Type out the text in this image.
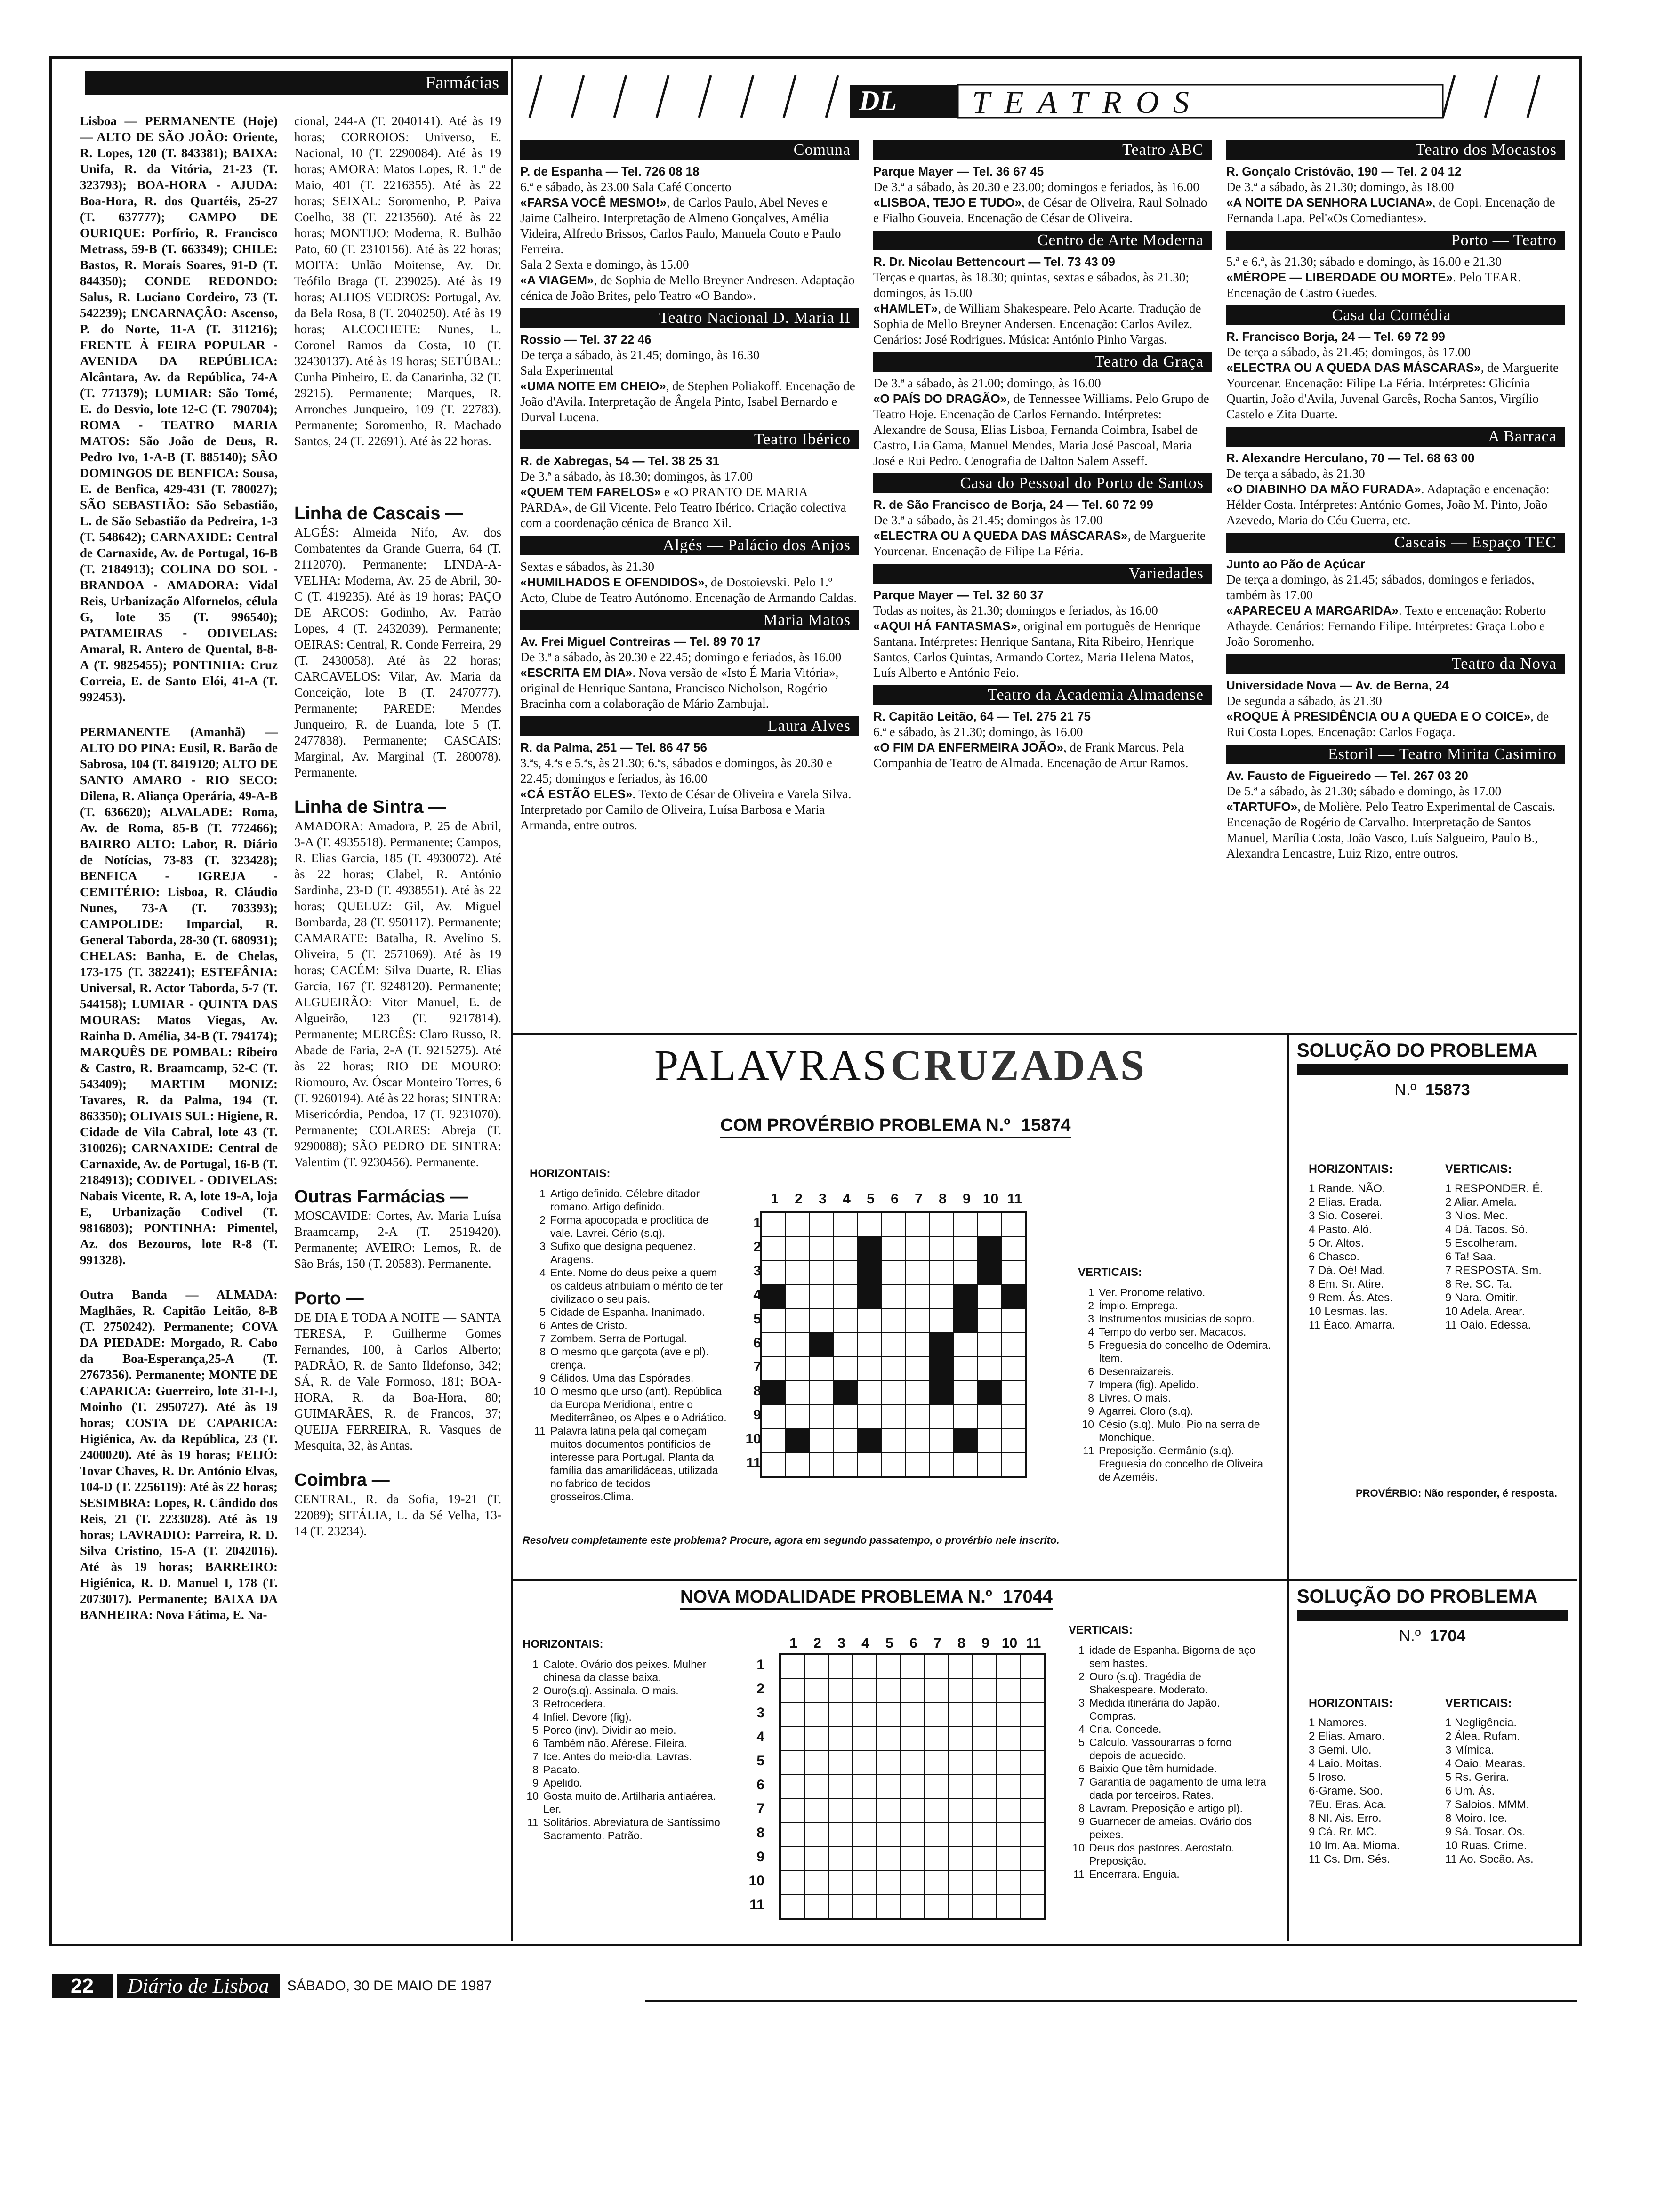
Farmácias

Lisboa — PERMANENTE (Hoje) — ALTO DE SÃO JOÃO: Oriente, R. Lopes, 120 (T. 843381); BAIXA: Unifa, R. da Vitória, 21-23 (T. 323793); BOA-HORA - AJUDA: Boa-Hora, R. dos Quartéis, 25-27 (T. 637777); CAMPO DE OURIQUE: Porfírio, R. Francisco Metrass, 59-B (T. 663349); CHILE: Bastos, R. Morais Soares, 91-D (T. 844350); CONDE REDONDO: Salus, R. Luciano Cordeiro, 73 (T. 542239); ENCARNAÇÃO: Ascenso, P. do Norte, 11-A (T. 311216); FRENTE À FEIRA POPULAR - AVENIDA DA REPÚBLICA: Alcântara, Av. da República, 74-A (T. 771379); LUMIAR: São Tomé, E. do Desvio, lote 12-C (T. 790704); ROMA - TEATRO MARIA MATOS: São João de Deus, R. Pedro Ivo, 1-A-B (T. 885140); SÃO DOMINGOS DE BENFICA: Sousa, E. de Benfica, 429-431 (T. 780027); SÃO SEBASTIÃO: São Sebastião, L. de São Sebastião da Pedreira, 1-3 (T. 548642); CARNAXIDE: Central de Carnaxide, Av. de Portugal, 16-B (T. 2184913); COLINA DO SOL - BRANDOA - AMADORA: Vidal Reis, Urbanização Alfornelos, célula G, lote 35 (T. 996540); PATAMEIRAS - ODIVELAS: Amaral, R. Antero de Quental, 8-8-A (T. 9825455); PONTINHA: Cruz Correia, E. de Santo Elói, 41-A (T. 992453).

PERMANENTE (Amanhã) — ALTO DO PINA: Eusil, R. Barão de Sabrosa, 104 (T. 8419120; ALTO DE SANTO AMARO - RIO SECO: Dilena, R. Aliança Operária, 49-A-B (T. 636620); ALVALADE: Roma, Av. de Roma, 85-B (T. 772466); BAIRRO ALTO: Labor, R. Diário de Notícias, 73-83 (T. 323428); BENFICA - IGREJA - CEMITÉRIO: Lisboa, R. Cláudio Nunes, 73-A (T. 703393); CAMPOLIDE: Imparcial, R. General Taborda, 28-30 (T. 680931); CHELAS: Banha, E. de Chelas, 173-175 (T. 382241); ESTEFÂNIA: Universal, R. Actor Taborda, 5-7 (T. 544158); LUMIAR - QUINTA DAS MOURAS: Matos Viegas, Av. Rainha D. Amélia, 34-B (T. 794174); MARQUÊS DE POMBAL: Ribeiro & Castro, R. Braamcamp, 52-C (T. 543409); MARTIM MONIZ: Tavares, R. da Palma, 194 (T. 863350); OLIVAIS SUL: Higiene, R. Cidade de Vila Cabral, lote 43 (T. 310026); CARNAXIDE: Central de Carnaxide, Av. de Portugal, 16-B (T. 2184913); CODIVEL - ODIVELAS: Nabais Vicente, R. A, lote 19-A, loja E, Urbanização Codivel (T. 9816803); PONTINHA: Pimentel, Az. dos Bezouros, lote R-8 (T. 991328).

Outra Banda — ALMADA: Maglhães, R. Capitão Leitão, 8-B (T. 2750242). Permanente; COVA DA PIEDADE: Morgado, R. Cabo da Boa-Esperança,25-A (T. 2767356). Permanente; MONTE DE CAPARICA: Guerreiro, lote 31-I-J, Moinho (T. 2950727). Até às 19 horas; COSTA DE CAPARICA: Higiénica, Av. da República, 23 (T. 2400020). Até às 19 horas; FEIJÓ: Tovar Chaves, R. Dr. António Elvas, 104-D (T. 2256119): Até às 22 horas; SESIMBRA: Lopes, R. Cândido dos Reis, 21 (T. 2233028). Até às 19 horas; LAVRADIO: Parreira, R. D. Silva Cristino, 15-A (T. 2042016). Até às 19 horas; BARREIRO: Higiénica, R. D. Manuel I, 178 (T. 2073017). Permanente; BAIXA DA BANHEIRA: Nova Fátima, E. Na-

cional, 244-A (T. 2040141). Até às 19 horas; CORROIOS: Universo, E. Nacional, 10 (T. 2290084). Até às 19 horas; AMORA: Matos Lopes, R. 1.º de Maio, 401 (T. 2216355). Até às 22 horas; SEIXAL: Soromenho, P. Paiva Coelho, 38 (T. 2213560). Até às 22 horas; MONTIJO: Moderna, R. Bulhão Pato, 60 (T. 2310156). Até às 22 horas; MOITA: Unlão Moitense, Av. Dr. Teófilo Braga (T. 239025). Até às 19 horas; ALHOS VEDROS: Portugal, Av. da Bela Rosa, 8 (T. 2040250). Até às 19 horas; ALCOCHETE: Nunes, L. Coronel Ramos da Costa, 10 (T. 32430137). Até às 19 horas; SETÚBAL: Cunha Pinheiro, E. da Canarinha, 32 (T. 29215). Permanente; Marques, R. Arronches Junqueiro, 109 (T. 22783). Permanente; Soromenho, R. Machado Santos, 24 (T. 22691). Até às 22 horas.

Linha de Cascais —

ALGÉS: Almeida Nifo, Av. dos Combatentes da Grande Guerra, 64 (T. 2112070). Permanente; LINDA-A-VELHA: Moderna, Av. 25 de Abril, 30-C (T. 419235). Até às 19 horas; PAÇO DE ARCOS: Godinho, Av. Patrão Lopes, 4 (T. 2432039). Permanente; OEIRAS: Central, R. Conde Ferreira, 29 (T. 2430058). Até às 22 horas; CARCAVELOS: Vilar, Av. Maria da Conceição, lote B (T. 2470777). Permanente; PAREDE: Mendes Junqueiro, R. de Luanda, lote 5 (T. 2477838). Permanente; CASCAIS: Marginal, Av. Marginal (T. 280078). Permanente.

Linha de Sintra —

AMADORA: Amadora, P. 25 de Abril, 3-A (T. 4935518). Permanente; Campos, R. Elias Garcia, 185 (T. 4930072). Até às 22 horas; Clabel, R. António Sardinha, 23-D (T. 4938551). Até às 22 horas; QUELUZ: Gil, Av. Miguel Bombarda, 28 (T. 950117). Permanente; CAMARATE: Batalha, R. Avelino S. Oliveira, 5 (T. 2571069). Até às 19 horas; CACÉM: Silva Duarte, R. Elias Garcia, 167 (T. 9248120). Permanente; ALGUEIRÃO: Vitor Manuel, E. de Algueirão, 123 (T. 9217814). Permanente; MERCÊS: Claro Russo, R. Abade de Faria, 2-A (T. 9215275). Até às 22 horas; RIO DE MOURO: Riomouro, Av. Óscar Monteiro Torres, 6 (T. 9260194). Até às 22 horas; SINTRA: Misericórdia, Pendoa, 17 (T. 9231070). Permanente; COLARES: Abreja (T. 9290088); SÃO PEDRO DE SINTRA: Valentim (T. 9230456). Permanente.

Outras Farmácias —

MOSCAVIDE: Cortes, Av. Maria Luísa Braamcamp, 2-A (T. 2519420). Permanente; AVEIRO: Lemos, R. de São Brás, 150 (T. 20583). Permanente.

Porto —

DE DIA E TODA A NOITE — SANTA TERESA, P. Guilherme Gomes Fernandes, 100, à Carlos Alberto; PADRÃO, R. de Santo Ildefonso, 342; SÁ, R. de Vale Formoso, 181; BOA-HORA, R. da Boa-Hora, 80; GUIMARÃES, R. de Francos, 37; QUEIJA FERREIRA, R. Vasques de Mesquita, 32, às Antas.

Coimbra —

CENTRAL, R. da Sofia, 19-21 (T. 22089); SITÁLIA, L. da Sé Velha, 13-14 (T. 23234).

DL TEATROS
Comuna
P. de Espanha — Tel. 726 08 18
6.ª e sábado, às 23.00 Sala Café Concerto
«FARSA VOCÊ MESMO!», de Carlos Paulo, Abel Neves e Jaime Calheiro. Interpretação de Almeno Gonçalves, Amélia Videira, Alfredo Brissos, Carlos Paulo, Manuela Couto e Paulo Ferreira.
Sala 2 Sexta e domingo, às 15.00
«A VIAGEM», de Sophia de Mello Breyner Andresen. Adaptação cénica de João Brites, pelo Teatro «O Bando».
Teatro Nacional D. Maria II
Rossio — Tel. 37 22 46
De terça a sábado, às 21.45; domingo, às 16.30
Sala Experimental
«UMA NOITE EM CHEIO», de Stephen Poliakoff. Encenação de João d'Avila. Interpretação de Ângela Pinto, Isabel Bernardo e Durval Lucena.
Teatro Ibérico
R. de Xabregas, 54 — Tel. 38 25 31
De 3.ª a sábado, às 18.30; domingos, às 17.00
«QUEM TEM FARELOS» e «O PRANTO DE MARIA PARDA», de Gil Vicente. Pelo Teatro Ibérico. Criação colectiva com a coordenação cénica de Branco Xil.
Algés — Palácio dos Anjos
Sextas e sábados, às 21.30
«HUMILHADOS E OFENDIDOS», de Dostoievski. Pelo 1.º Acto, Clube de Teatro Autónomo. Encenação de Armando Caldas.
Maria Matos
Av. Frei Miguel Contreiras — Tel. 89 70 17
De 3.ª a sábado, às 20.30 e 22.45; domingo e feriados, às 16.00
«ESCRITA EM DIA». Nova versão de «Isto É Maria Vitória», original de Henrique Santana, Francisco Nicholson, Rogério Bracinha com a colaboração de Mário Zambujal.
Laura Alves
R. da Palma, 251 — Tel. 86 47 56
3.ªs, 4.ªs e 5.ªs, às 21.30; 6.ªs, sábados e domingos, às 20.30 e 22.45; domingos e feriados, às 16.00
«CÁ ESTÃO ELES». Texto de César de Oliveira e Varela Silva. Interpretado por Camilo de Oliveira, Luísa Barbosa e Maria Armanda, entre outros.
Teatro ABC
Parque Mayer — Tel. 36 67 45
De 3.ª a sábado, às 20.30 e 23.00; domingos e feriados, às 16.00
«LISBOA, TEJO E TUDO», de César de Oliveira, Raul Solnado e Fialho Gouveia. Encenação de César de Oliveira.
Centro de Arte Moderna
R. Dr. Nicolau Bettencourt — Tel. 73 43 09
Terças e quartas, às 18.30; quintas, sextas e sábados, às 21.30; domingos, às 15.00
«HAMLET», de William Shakespeare. Pelo Acarte. Tradução de Sophia de Mello Breyner Andersen. Encenação: Carlos Avilez. Cenários: José Rodrigues. Música: António Pinho Vargas.
Teatro da Graça
De 3.ª a sábado, às 21.00; domingo, às 16.00
«O PAÍS DO DRAGÃO», de Tennessee Williams. Pelo Grupo de Teatro Hoje. Encenação de Carlos Fernando. Intérpretes: Alexandre de Sousa, Elias Lisboa, Fernanda Coimbra, Isabel de Castro, Lia Gama, Manuel Mendes, Maria José Pascoal, Maria José e Rui Pedro. Cenografia de Dalton Salem Asseff.
Casa do Pessoal do Porto de Santos
R. de São Francisco de Borja, 24 — Tel. 60 72 99
De 3.ª a sábado, às 21.45; domingos às 17.00
«ELECTRA OU A QUEDA DAS MÁSCARAS», de Marguerite Yourcenar. Encenação de Filipe La Féria.
Variedades
Parque Mayer — Tel. 32 60 37
Todas as noites, às 21.30; domingos e feriados, às 16.00
«AQUI HÁ FANTASMAS», original em português de Henrique Santana. Intérpretes: Henrique Santana, Rita Ribeiro, Henrique Santos, Carlos Quintas, Armando Cortez, Maria Helena Matos, Luís Alberto e António Feio.
Teatro da Academia Almadense
R. Capitão Leitão, 64 — Tel. 275 21 75
6.ª e sábado, às 21.30; domingo, às 16.00
«O FIM DA ENFERMEIRA JOÃO», de Frank Marcus. Pela Companhia de Teatro de Almada. Encenação de Artur Ramos.
Teatro dos Mocastos
R. Gonçalo Cristóvão, 190 — Tel. 2 04 12
De 3.ª a sábado, às 21.30; domingo, às 18.00
«A NOITE DA SENHORA LUCIANA», de Copi. Encenação de Fernanda Lapa. Pel'«Os Comediantes».
Porto — Teatro
5.ª e 6.ª, às 21.30; sábado e domingo, às 16.00 e 21.30
«MÉROPE — LIBERDADE OU MORTE». Pelo TEAR. Encenação de Castro Guedes.
Casa da Comédia
R. Francisco Borja, 24 — Tel. 69 72 99
De terça a sábado, às 21.45; domingos, às 17.00
«ELECTRA OU A QUEDA DAS MÁSCARAS», de Marguerite Yourcenar. Encenação: Filipe La Féria. Intérpretes: Glicínia Quartin, João d'Avila, Juvenal Garcês, Rocha Santos, Virgílio Castelo e Zita Duarte.
A Barraca
R. Alexandre Herculano, 70 — Tel. 68 63 00
De terça a sábado, às 21.30
«O DIABINHO DA MÃO FURADA». Adaptação e encenação: Hélder Costa. Intérpretes: António Gomes, João M. Pinto, João Azevedo, Maria do Céu Guerra, etc.
Cascais — Espaço TEC
Junto ao Pão de Açúcar
De terça a domingo, às 21.45; sábados, domingos e feriados, também às 17.00
«APARECEU A MARGARIDA». Texto e encenação: Roberto Athayde. Cenários: Fernando Filipe. Intérpretes: Graça Lobo e João Soromenho.
Teatro da Nova
Universidade Nova — Av. de Berna, 24
De segunda a sábado, às 21.30
«ROQUE À PRESIDÊNCIA OU A QUEDA E O COICE», de Rui Costa Lopes. Encenação: Carlos Fogaça.
Estoril — Teatro Mirita Casimiro
Av. Fausto de Figueiredo — Tel. 267 03 20
De 5.ª a sábado, às 21.30; sábado e domingo, às 17.00
«TARTUFO», de Molière. Pelo Teatro Experimental de Cascais. Encenação de Rogério de Carvalho. Interpretação de Santos Manuel, Marília Costa, João Vasco, Luís Salgueiro, Paulo B., Alexandra Lencastre, Luiz Rizo, entre outros.
PALAVRAS CRUZADAS
COM PROVÉRBIO PROBLEMA N.º 15874
HORIZONTAIS:
1 Artigo definido. Célebre ditador romano. Artigo definido.
2 Forma apocopada e proclítica de vale. Lavrei. Cério (s.q).
3 Sufixo que designa pequenez. Aragens.
4 Ente. Nome do deus peixe a quem os caldeus atribuíam o mérito de ter civilizado o seu país.
5 Cidade de Espanha. Inanimado.
6 Antes de Cristo.
7 Zombem. Serra de Portugal.
8 O mesmo que garçota (ave e pl). crença.
9 Cálidos. Uma das Espórades.
10 O mesmo que urso (ant). República da Europa Meridional, entre o Mediterrâneo, os Alpes e o Adriático.
11 Palavra latina pela qal começam muitos documentos pontifícios de interesse para Portugal. Planta da família das amarilidáceas, utilizada no fabrico de tecidos grosseiros.Clima.
1	2	3	4	5	6	7	8	9 10 11
1
2
3
4
5
6
7
8
9
10
11
VERTICAIS:
1 Ver. Pronome relativo.
2 Ímpio. Emprega.
3 Instrumentos musicias de sopro.
4 Tempo do verbo ser. Macacos.
5 Freguesia do concelho de Odemira. Item.
6 Desenraizareis.
7 Impera (fig). Apelido.
8 Livres. O mais.
9 Agarrei. Cloro (s.q).
10 Césio (s.q). Mulo. Pio na serra de Monchique.
11 Preposição. Germânio (s.q). Freguesia do concelho de Oliveira de Azeméis.
Resolveu completamente este problema? Procure, agora em segundo passatempo, o provérbio nele inscrito.
SOLUÇÃO DO PROBLEMA
N.º 15873
HORIZONTAIS:
1 Rande. NÃO.
2 Elias. Erada.
3 Sio. Coserei.
4 Pasto. Aló.
5 Or. Altos.
6 Chasco.
7 Dá. Oé! Mad.
8 Em. Sr. Atire.
9 Rem. Ás. Ates.
10 Lesmas. las.
11 Éaco. Amarra.
VERTICAIS:
1 RESPONDER. É.
2 Aliar. Amela.
3 Nios. Mec.
4 Dá. Tacos. Só.
5 Escolheram.
6 Ta! Saa.
7 RESPOSTA. Sm.
8 Re. SC. Ta.
9 Nara. Omitir.
10 Adela. Arear.
11 Oaio. Edessa.
PROVÉRBIO: Não responder, é resposta.
NOVA MODALIDADE PROBLEMA N.º 17044
HORIZONTAIS:
1 Calote. Ovário dos peixes. Mulher chinesa da classe baixa.
2 Ouro(s.q). Assinala. O mais.
3 Retrocedera.
4 Infiel. Devore (fig).
5 Porco (inv). Dividir ao meio.
6 Também não. Aférese. Fileira.
7 Ice. Antes do meio-dia. Lavras.
8 Pacato.
9 Apelido.
10 Gosta muito de. Artilharia antiaérea. Ler.
11 Solitários. Abreviatura de Santíssimo Sacramento. Patrão.
1	2	3	4	5	6	7	8	9 10 11
1
2
3
4
5
6
7
8
9
10
11
VERTICAIS:
1 idade de Espanha. Bigorna de aço sem hastes.
2 Ouro (s.q). Tragédia de Shakespeare. Moderato.
3 Medida itinerária do Japão. Compras.
4 Cria. Concede.
5 Calculo. Vassourarras o forno depois de aquecido.
6 Baixio Que têm humidade.
7 Garantia de pagamento de uma letra dada por terceiros. Rates.
8 Lavram. Preposição e artigo pl).
9 Guarnecer de ameias. Ovário dos peixes.
10 Deus dos pastores. Aerostato. Preposição.
11 Encerrara. Enguia.
SOLUÇÃO DO PROBLEMA
N.º 1704
HORIZONTAIS:
1 Namores.
2 Elias. Amaro.
3 Gemi. Ulo.
4 Laio. Moitas.
5 Iroso.
6·Grame. Soo.
7Eu. Eras. Aca.
8 NI. Ais. Erro.
9 Cá. Rr. MC.
10 Im. Aa. Mioma.
11 Cs. Dm. Sés.
VERTICAIS:
1 Negligência.
2 Álea. Rufam.
3 Mímica.
4 Oaio. Mearas.
5 Rs. Gerira.
6 Um. Ás.
7 Saloios. MMM.
8 Moiro. Ice.
9 Sá. Tosar. Os.
10 Ruas. Crime.
11 Ao. Socão. As.
22	Diário de Lisboa	SÁBADO, 30 DE MAIO DE 1987
